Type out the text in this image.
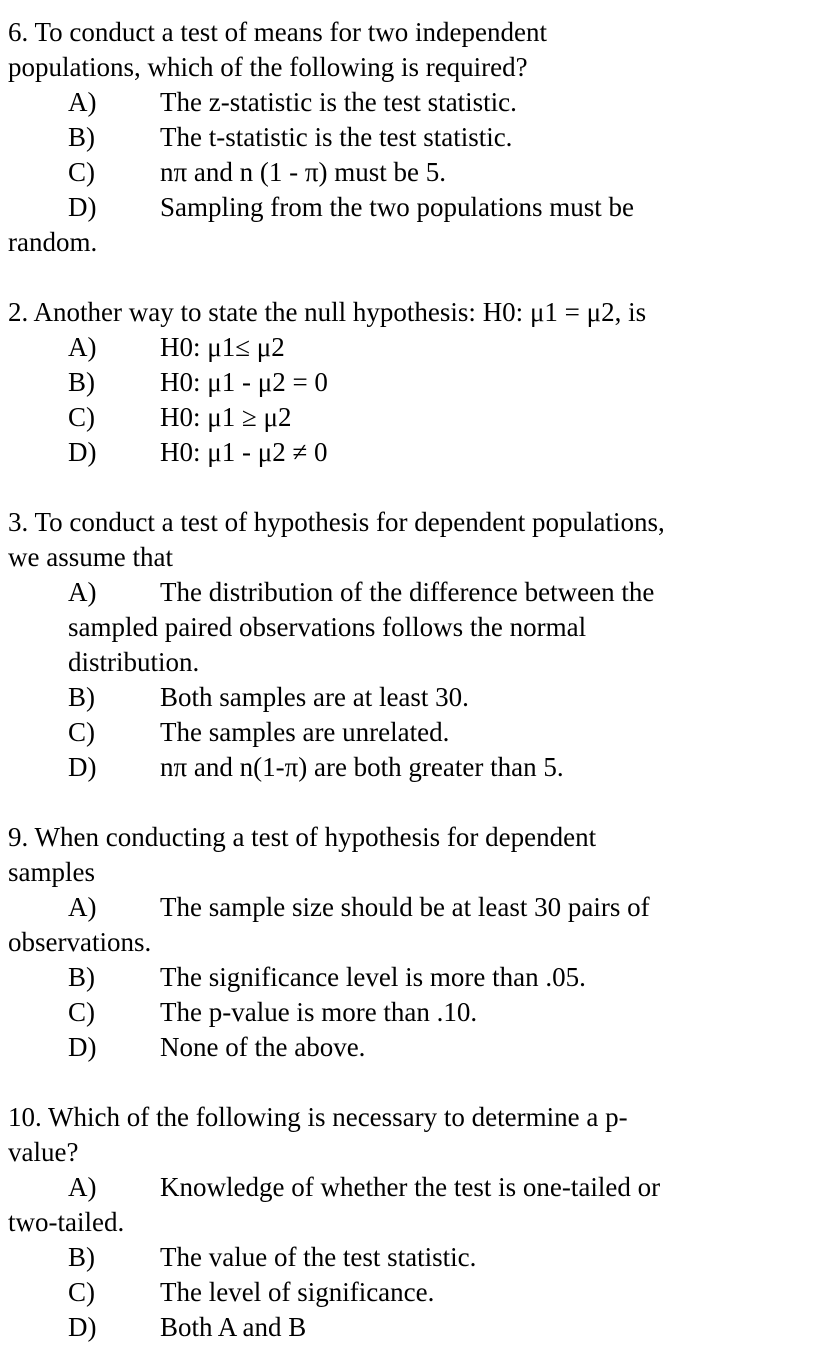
6. To conduct a test of means for two independent
populations, which of the following is required?
A) The z-statistic is the test statistic.
B) The t-statistic is the test statistic.
C) nπ and n (1 - π) must be 5.
D) Sampling from the two populations must be
random.
2. Another way to state the null hypothesis: H0: μ1 = μ2, is
A) H0: μ1≤ μ2
B) H0: μ1 - μ2 = 0
C) H0: μ1 ≥ μ2
D) H0: μ1 - μ2 ≠ 0
3. To conduct a test of hypothesis for dependent populations,
we assume that
A) The distribution of the difference between the
sampled paired observations follows the normal
distribution.
B) Both samples are at least 30.
C) The samples are unrelated.
D) nπ and n(1-π) are both greater than 5.
9. When conducting a test of hypothesis for dependent
samples
A) The sample size should be at least 30 pairs of
observations.
B) The significance level is more than .05.
C) The p-value is more than .10.
D) None of the above.
10. Which of the following is necessary to determine a p-
value?
A) Knowledge of whether the test is one-tailed or
two-tailed.
B) The value of the test statistic.
C) The level of significance.
D) Both A and B
